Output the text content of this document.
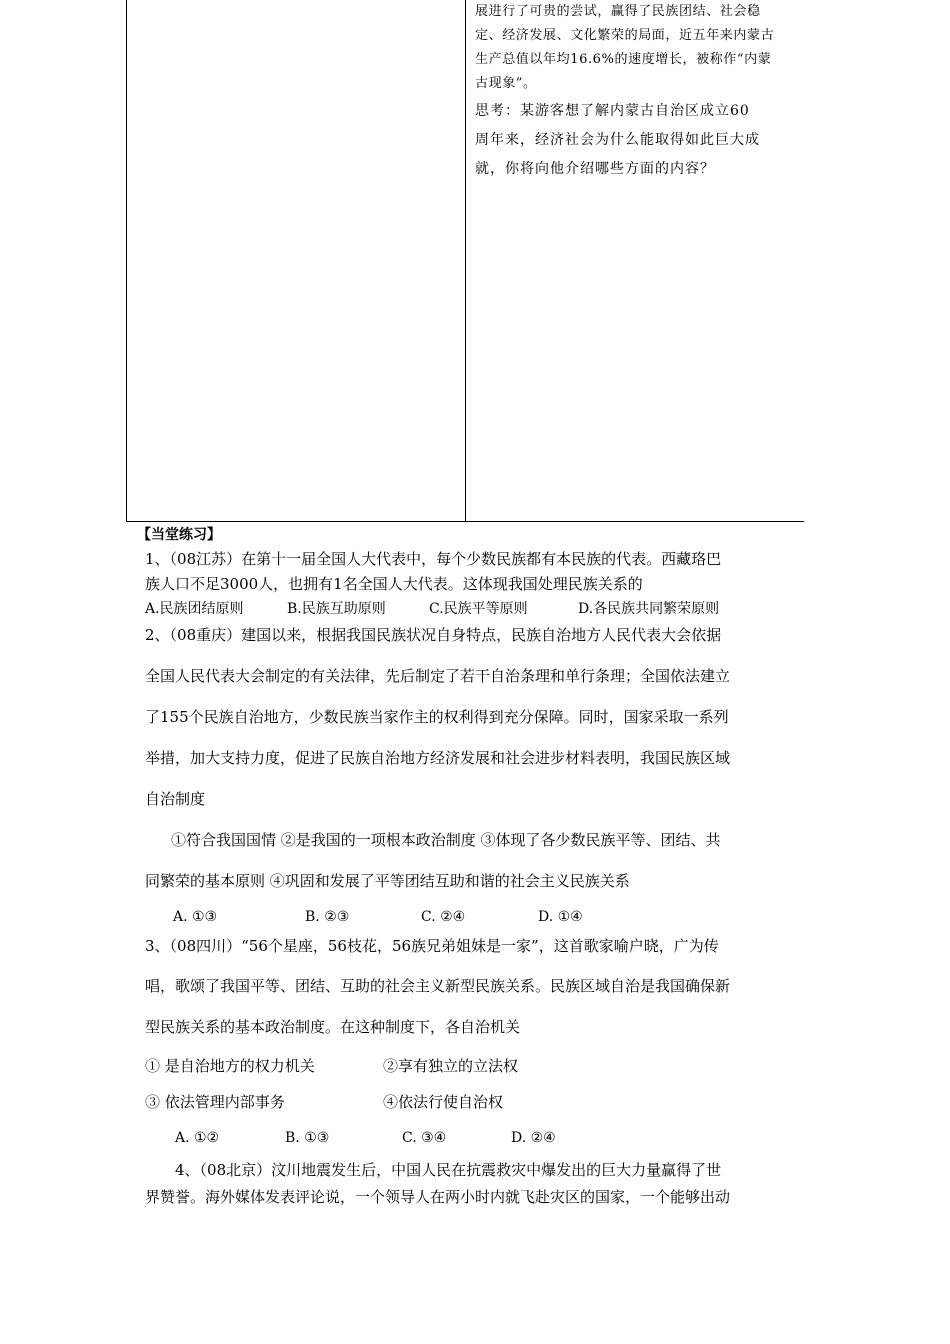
展进行了可贵的尝试，赢得了民族团结、社会稳

定、经济发展、文化繁荣的局面，近五年来内蒙古

生产总值以年均16.6%的速度增长，被称作“内蒙

古现象”。

思考：某游客想了解内蒙古自治区成立60

周年来，经济社会为什么能取得如此巨大成

就，你将向他介绍哪些方面的内容？

【当堂练习】
1、（08江苏）在第十一届全国人大代表中，每个少数民族都有本民族的代表。西藏珞巴
族人口不足3000人，也拥有1名全国人大代表。这体现我国处理民族关系的
A.民族团结原则	B.民族互助原则	C.民族平等原则	D.各民族共同繁荣原则
2、（08重庆）建国以来，根据我国民族状况自身特点，民族自治地方人民代表大会依据
全国人民代表大会制定的有关法律，先后制定了若干自治条理和单行条理；全国依法建立
了155个民族自治地方，少数民族当家作主的权利得到充分保障。同时，国家采取一系列
举措，加大支持力度，促进了民族自治地方经济发展和社会进步材料表明，我国民族区域
自治制度
①符合我国国情 ②是我国的一项根本政治制度 ③体现了各少数民族平等、团结、共
同繁荣的基本原则 ④巩固和发展了平等团结互助和谐的社会主义民族关系
A. ①③	B. ②③	C. ②④	D. ①④
3、（08四川）“56个星座，56枝花，56族兄弟姐妹是一家”，这首歌家喻户晓，广为传
唱，歌颂了我国平等、团结、互助的社会主义新型民族关系。民族区域自治是我国确保新
型民族关系的基本政治制度。在这种制度下，各自治机关
① 是自治地方的权力机关	②享有独立的立法权
③ 依法管理内部事务	④依法行使自治权
A. ①②	B. ①③	C. ③④	D. ②④
4、（08北京）汶川地震发生后，中国人民在抗震救灾中爆发出的巨大力量赢得了世
界赞誉。海外媒体发表评论说，一个领导人在两小时内就飞赴灾区的国家，一个能够出动
